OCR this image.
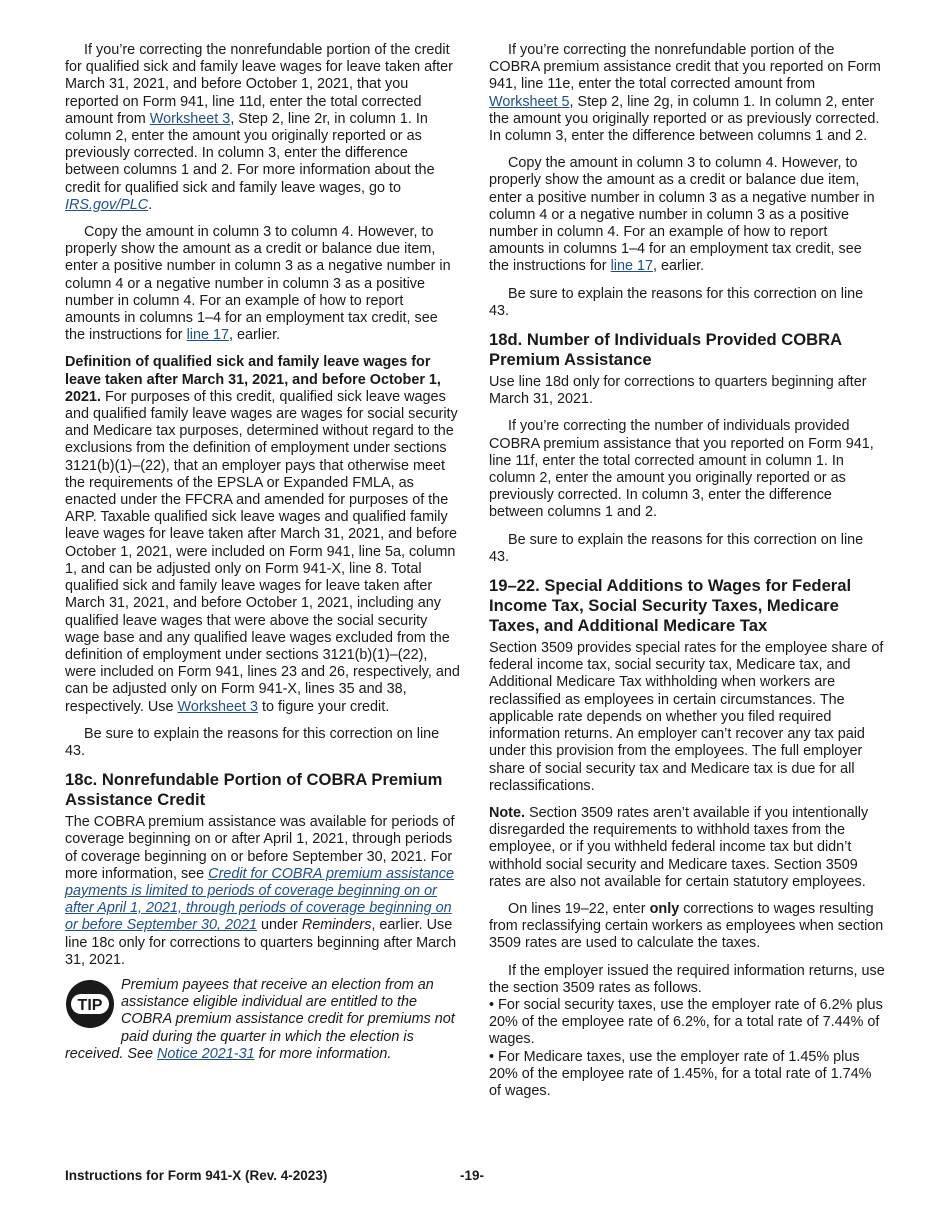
If you’re correcting the nonrefundable portion of the credit for qualified sick and family leave wages for leave taken after March 31, 2021, and before October 1, 2021, that you reported on Form 941, line 11d, enter the total corrected amount from Worksheet 3, Step 2, line 2r, in column 1. In column 2, enter the amount you originally reported or as previously corrected. In column 3, enter the difference between columns 1 and 2. For more information about the credit for qualified sick and family leave wages, go to IRS.gov/PLC.

Copy the amount in column 3 to column 4. However, to properly show the amount as a credit or balance due item, enter a positive number in column 3 as a negative number in column 4 or a negative number in column 3 as a positive number in column 4. For an example of how to report amounts in columns 1–4 for an employment tax credit, see the instructions for line 17, earlier.

Definition of qualified sick and family leave wages for leave taken after March 31, 2021, and before October 1, 2021. For purposes of this credit, qualified sick leave wages and qualified family leave wages are wages for social security and Medicare tax purposes, determined without regard to the exclusions from the definition of employment under sections 3121(b)(1)–(22), that an employer pays that otherwise meet the requirements of the EPSLA or Expanded FMLA, as enacted under the FFCRA and amended for purposes of the ARP. Taxable qualified sick leave wages and qualified family leave wages for leave taken after March 31, 2021, and before October 1, 2021, were included on Form 941, line 5a, column 1, and can be adjusted only on Form 941-X, line 8. Total qualified sick and family leave wages for leave taken after March 31, 2021, and before October 1, 2021, including any qualified leave wages that were above the social security wage base and any qualified leave wages excluded from the definition of employment under sections 3121(b)(1)–(22), were included on Form 941, lines 23 and 26, respectively, and can be adjusted only on Form 941-X, lines 35 and 38, respectively. Use Worksheet 3 to figure your credit.

Be sure to explain the reasons for this correction on line 43.

18c. Nonrefundable Portion of COBRA Premium Assistance Credit

The COBRA premium assistance was available for periods of coverage beginning on or after April 1, 2021, through periods of coverage beginning on or before September 30, 2021. For more information, see Credit for COBRA premium assistance payments is limited to periods of coverage beginning on or after April 1, 2021, through periods of coverage beginning on or before September 30, 2021 under Reminders, earlier. Use line 18c only for corrections to quarters beginning after March 31, 2021.

TIP

Premium payees that receive an election from an assistance eligible individual are entitled to the COBRA premium assistance credit for premiums not paid during the quarter in which the election is received. See Notice 2021-31 for more information.

If you’re correcting the nonrefundable portion of the COBRA premium assistance credit that you reported on Form 941, line 11e, enter the total corrected amount from Worksheet 5, Step 2, line 2g, in column 1. In column 2, enter the amount you originally reported or as previously corrected. In column 3, enter the difference between columns 1 and 2.

Copy the amount in column 3 to column 4. However, to properly show the amount as a credit or balance due item, enter a positive number in column 3 as a negative number in column 4 or a negative number in column 3 as a positive number in column 4. For an example of how to report amounts in columns 1–4 for an employment tax credit, see the instructions for line 17, earlier.

Be sure to explain the reasons for this correction on line 43.

18d. Number of Individuals Provided COBRA Premium Assistance

Use line 18d only for corrections to quarters beginning after March 31, 2021.

If you’re correcting the number of individuals provided COBRA premium assistance that you reported on Form 941, line 11f, enter the total corrected amount in column 1. In column 2, enter the amount you originally reported or as previously corrected. In column 3, enter the difference between columns 1 and 2.

Be sure to explain the reasons for this correction on line 43.

19–22. Special Additions to Wages for Federal Income Tax, Social Security Taxes, Medicare Taxes, and Additional Medicare Tax

Section 3509 provides special rates for the employee share of federal income tax, social security tax, Medicare tax, and Additional Medicare Tax withholding when workers are reclassified as employees in certain circumstances. The applicable rate depends on whether you filed required information returns. An employer can’t recover any tax paid under this provision from the employees. The full employer share of social security tax and Medicare tax is due for all reclassifications.

Note. Section 3509 rates aren’t available if you intentionally disregarded the requirements to withhold taxes from the employee, or if you withheld federal income tax but didn’t withhold social security and Medicare taxes. Section 3509 rates are also not available for certain statutory employees.

On lines 19–22, enter only corrections to wages resulting from reclassifying certain workers as employees when section 3509 rates are used to calculate the taxes.

If the employer issued the required information returns, use the section 3509 rates as follows.

• For social security taxes, use the employer rate of 6.2% plus 20% of the employee rate of 6.2%, for a total rate of 7.44% of wages.

• For Medicare taxes, use the employer rate of 1.45% plus 20% of the employee rate of 1.45%, for a total rate of 1.74% of wages.

Instructions for Form 941-X (Rev. 4-2023)	-19-
